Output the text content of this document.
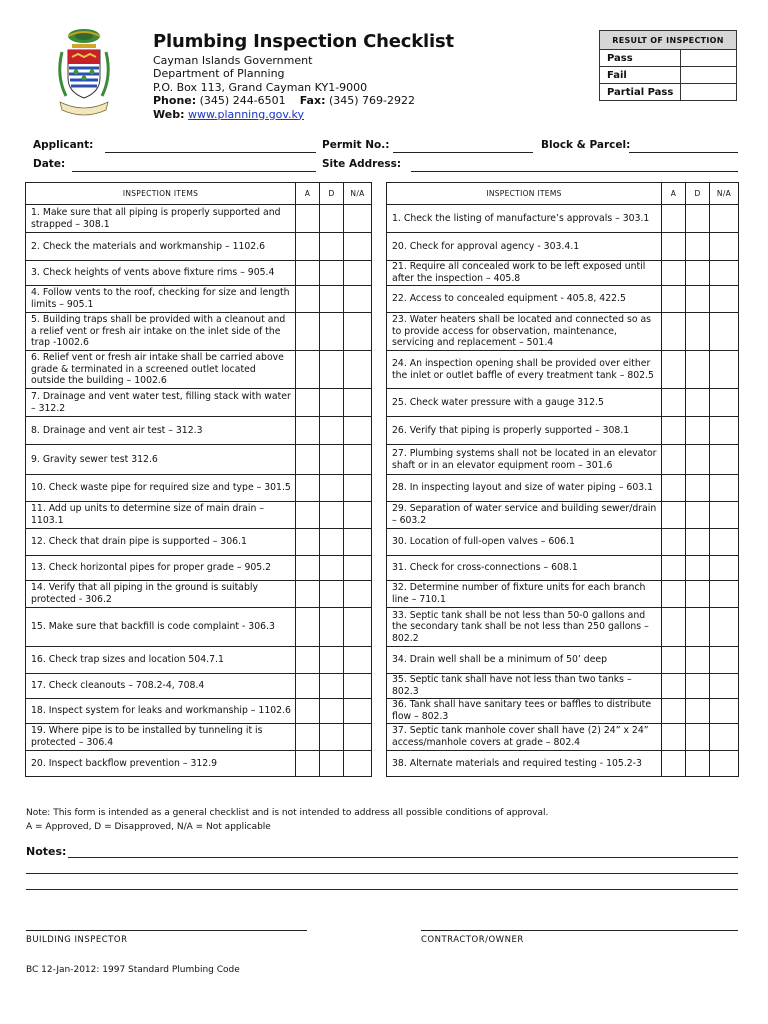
Plumbing Inspection Checklist
Cayman Islands Government
Department of Planning
P.O. Box 113, Grand Cayman KY1-9000
Phone: (345) 244-6501 Fax: (345) 769-2922
Web: www.planning.gov.ky
RESULT OF INSPECTION	
Pass	
Fail	
Partial Pass	
Applicant:
Date:
Permit No.:
Site Address:
Block & Parcel:
INSPECTION ITEMS	A	D	N/A
1. Make sure that all piping is properly supported and strapped – 308.1			
2. Check the materials and workmanship – 1102.6			
3. Check heights of vents above fixture rims – 905.4			
4. Follow vents to the roof, checking for size and length limits – 905.1			
5. Building traps shall be provided with a cleanout and a relief vent or fresh air intake on the inlet side of the trap -1002.6			
6. Relief vent or fresh air intake shall be carried above grade & terminated in a screened outlet located outside the building – 1002.6			
7. Drainage and vent water test, filling stack with water – 312.2			
8. Drainage and vent air test – 312.3			
9. Gravity sewer test 312.6			
10. Check waste pipe for required size and type – 301.5			
11. Add up units to determine size of main drain – 1103.1			
12. Check that drain pipe is supported – 306.1			
13. Check horizontal pipes for proper grade – 905.2			
14. Verify that all piping in the ground is suitably protected - 306.2			
15. Make sure that backfill is code complaint - 306.3			
16. Check trap sizes and location 504.7.1			
17. Check cleanouts – 708.2-4, 708.4			
18. Inspect system for leaks and workmanship – 1102.6			
19. Where pipe is to be installed by tunneling it is protected – 306.4			
20. Inspect backflow prevention – 312.9			
INSPECTION ITEMS	A	D	N/A
1. Check the listing of manufacture’s approvals – 303.1			
20. Check for approval agency - 303.4.1			
21. Require all concealed work to be left exposed until after the inspection – 405.8			
22. Access to concealed equipment - 405.8, 422.5			
23. Water heaters shall be located and connected so as to provide access for observation, maintenance, servicing and replacement – 501.4			
24. An inspection opening shall be provided over either the inlet or outlet baffle of every treatment tank – 802.5			
25. Check water pressure with a gauge 312.5			
26. Verify that piping is properly supported – 308.1			
27. Plumbing systems shall not be located in an elevator shaft or in an elevator equipment room – 301.6			
28. In inspecting layout and size of water piping – 603.1			
29. Separation of water service and building sewer/drain – 603.2			
30. Location of full-open valves – 606.1			
31. Check for cross-connections – 608.1			
32. Determine number of fixture units for each branch line – 710.1			
33. Septic tank shall be not less than 50-0 gallons and the secondary tank shall be not less than 250 gallons – 802.2			
34. Drain well shall be a minimum of 50’ deep			
35. Septic tank shall have not less than two tanks – 802.3			
36. Tank shall have sanitary tees or baffles to distribute flow – 802.3			
37. Septic tank manhole cover shall have (2) 24” x 24” access/manhole covers at grade – 802.4			
38. Alternate materials and required testing - 105.2-3			
Note: This form is intended as a general checklist and is not intended to address all possible conditions of approval.
A = Approved, D = Disapproved, N/A = Not applicable
Notes:
BUILDING INSPECTOR	CONTRACTOR/OWNER
BC 12-Jan-2012: 1997 Standard Plumbing Code
